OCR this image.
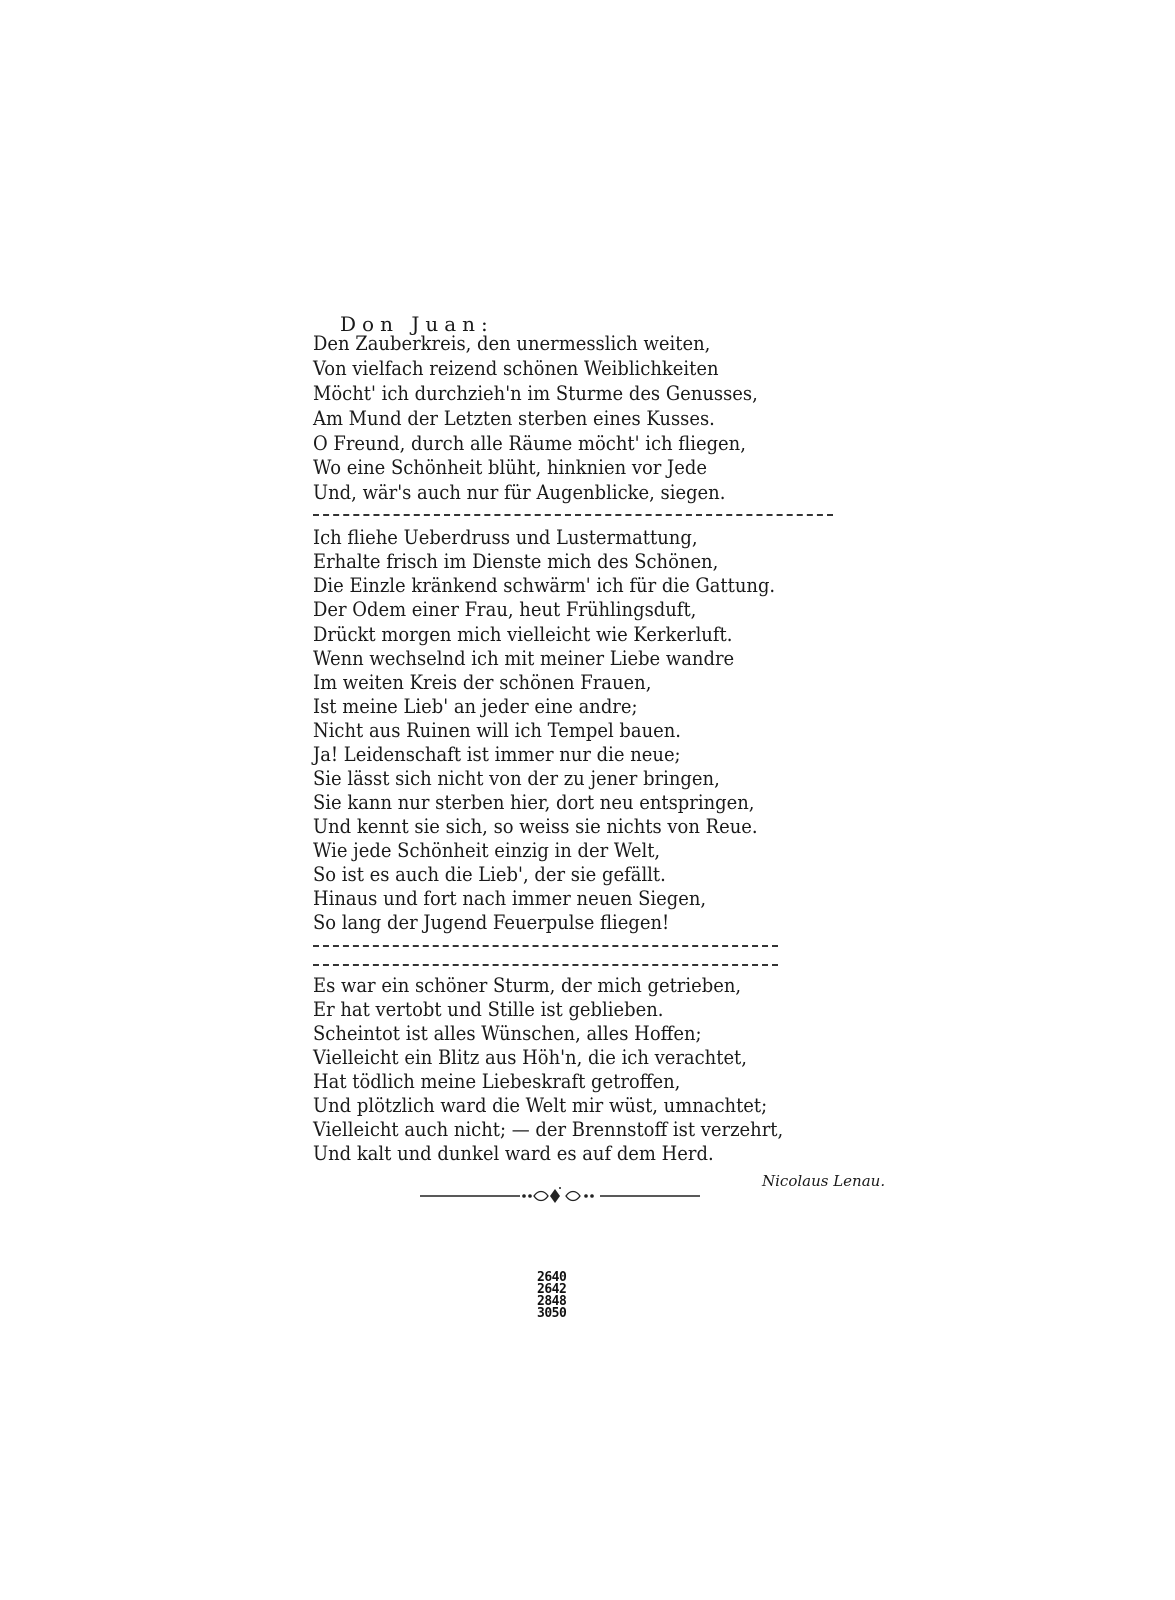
Don Juan:
Den Zauberkreis, den unermesslich weiten,
Von vielfach reizend schönen Weiblichkeiten
Möcht' ich durchzieh'n im Sturme des Genusses,
Am Mund der Letzten sterben eines Kusses.
O Freund, durch alle Räume möcht' ich fliegen,
Wo eine Schönheit blüht, hinknien vor Jede
Und, wär's auch nur für Augenblicke, siegen.
Ich fliehe Ueberdruss und Lustermattung,
Erhalte frisch im Dienste mich des Schönen,
Die Einzle kränkend schwärm' ich für die Gattung.
Der Odem einer Frau, heut Frühlingsduft,
Drückt morgen mich vielleicht wie Kerkerluft.
Wenn wechselnd ich mit meiner Liebe wandre
Im weiten Kreis der schönen Frauen,
Ist meine Lieb' an jeder eine andre;
Nicht aus Ruinen will ich Tempel bauen.
Ja! Leidenschaft ist immer nur die neue;
Sie lässt sich nicht von der zu jener bringen,
Sie kann nur sterben hier, dort neu entspringen,
Und kennt sie sich, so weiss sie nichts von Reue.
Wie jede Schönheit einzig in der Welt,
So ist es auch die Lieb', der sie gefällt.
Hinaus und fort nach immer neuen Siegen,
So lang der Jugend Feuerpulse fliegen!
Es war ein schöner Sturm, der mich getrieben,
Er hat vertobt und Stille ist geblieben.
Scheintot ist alles Wünschen, alles Hoffen;
Vielleicht ein Blitz aus Höh'n, die ich verachtet,
Hat tödlich meine Liebeskraft getroffen,
Und plötzlich ward die Welt mir wüst, umnachtet;
Vielleicht auch nicht; — der Brennstoff ist verzehrt,
Und kalt und dunkel ward es auf dem Herd.
Nicolaus Lenau.
2640
2642
2848
3050
